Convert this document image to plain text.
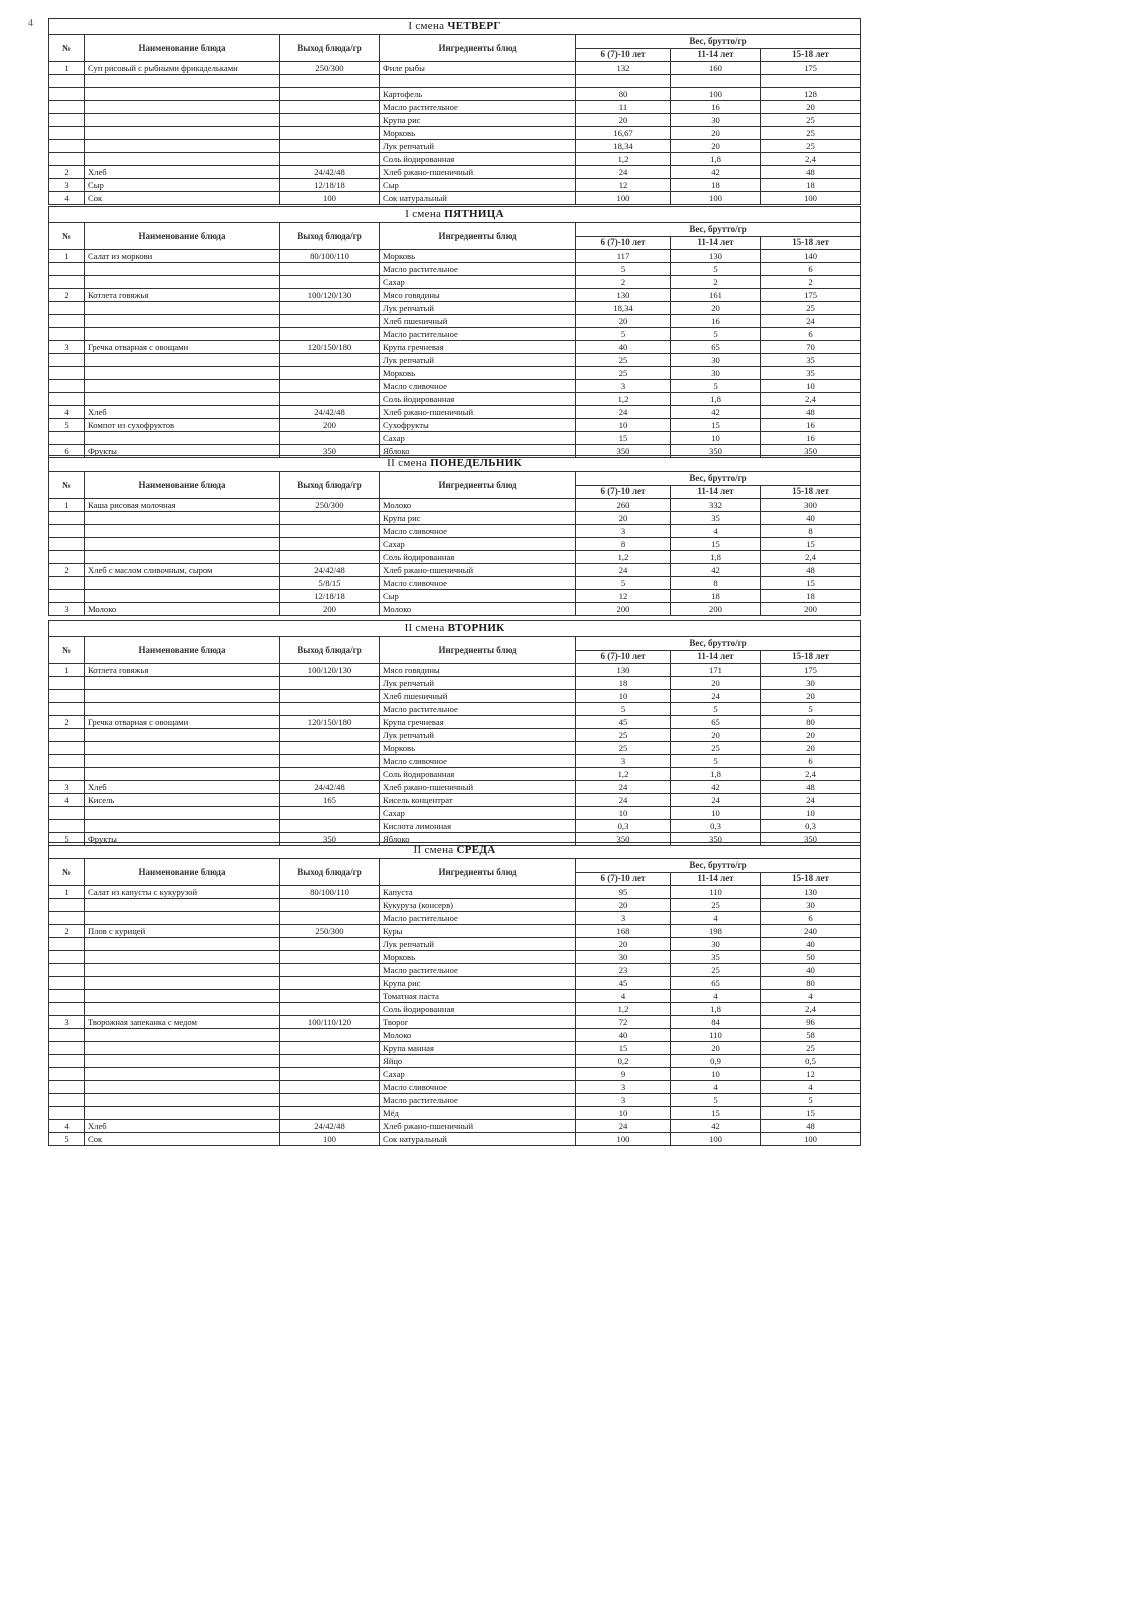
4	I смена ЧЕТВЕРГ						
№	Наименование блюда	Выход блюда/гр	Ингредиенты блюд	Вес, брутто/гр		
				6 (7)-10 лет	11-14 лет	15-18 лет
1	Суп рисовый с рыбными фрикадельками	250/300	Филе рыбы	132	160	175

			Картофель	80	100	128
			Масло растительное	11	16	20
			Крупа рис	20	30	25
			Морковь	16,67	20	25
			Лук репчатый	18,34	20	25
			Соль йодированная	1,2	1,8	2,4
2	Хлеб	24/42/48	Хлеб ржано-пшеничный	24	42	48
3	Сыр	12/18/18	Сыр	12	18	18
4	Сок	100	Сок натуральный	100	100	100
I смена ПЯТНИЦА						
№	Наименование блюда	Выход блюда/гр	Ингредиенты блюд	Вес, брутто/гр		
				6 (7)-10 лет	11-14 лет	15-18 лет
1	Салат из моркови	80/100/110	Морковь	117	130	140
			Масло растительное	5	5	6
			Сахар	2	2	2
2	Котлета говяжья	100/120/130	Мясо говядины	130	161	175
			Лук репчатый	18,34	20	25
			Хлеб пшеничный	20	16	24
			Масло растительное	5	5	6
3	Гречка отварная с овощами	120/150/180	Крупа гречневая	40	65	70
			Лук репчатый	25	30	35
			Морковь	25	30	35
			Масло сливочное	3	5	10
			Соль йодированная	1,2	1,8	2,4
4	Хлеб	24/42/48	Хлеб ржано-пшеничный	24	42	48
5	Компот из сухофруктов	200	Сухофрукты	10	15	16
			Сахар	15	10	16
6	Фрукты	350	Яблоко	350	350	350
II смена ПОНЕДЕЛЬНИК						
№	Наименование блюда	Выход блюда/гр	Ингредиенты блюд	Вес, брутто/гр		
				6 (7)-10 лет	11-14 лет	15-18 лет
1	Каша рисовая молочная	250/300	Молоко	260	332	300
			Крупа рис	20	35	40
			Масло сливочное	3	4	8
			Сахар	8	15	15
			Соль йодированная	1,2	1,8	2,4
2	Хлеб с маслом сливочным, сыром	24/42/48	Хлеб ржано-пшеничный	24	42	48
		5/8/15	Масло сливочное	5	8	15
		12/18/18	Сыр	12	18	18
3	Молоко	200	Молоко	200	200	200
II смена ВТОРНИК						
№	Наименование блюда	Выход блюда/гр	Ингредиенты блюд	Вес, брутто/гр		
				6 (7)-10 лет	11-14 лет	15-18 лет
1	Котлета говяжья	100/120/130	Мясо говядины	130	171	175
			Лук репчатый	18	20	30
			Хлеб пшеничный	10	24	20
			Масло растительное	5	5	5
2	Гречка отварная с овощами	120/150/180	Крупа гречневая	45	65	80
			Лук репчатый	25	20	20
			Морковь	25	25	20
			Масло сливочное	3	5	6
			Соль йодированная	1,2	1,8	2,4
3	Хлеб	24/42/48	Хлеб ржано-пшеничный	24	42	48
4	Кисель	165	Кисель концентрат	24	24	24
			Сахар	10	10	10
			Кислота лимонная	0,3	0,3	0,3
5	Фрукты	350	Яблоко	350	350	350
II смена СРЕДА						
№	Наименование блюда	Выход блюда/гр	Ингредиенты блюд	Вес, брутто/гр		
				6 (7)-10 лет	11-14 лет	15-18 лет
1	Салат из капусты с кукурузой	80/100/110	Капуста	95	110	130
			Кукуруза (консерв)	20	25	30
			Масло растительное	3	4	6
2	Плов с курицей	250/300	Куры	168	198	240
			Лук репчатый	20	30	40
			Морковь	30	35	50
			Масло растительное	23	25	40
			Крупа рис	45	65	80
			Томатная паста	4	4	4
			Соль йодированная	1,2	1,8	2,4
3	Творожная запеканка с медом	100/110/120	Творог	72	84	96
			Молоко	40	110	58
			Крупа манная	15	20	25
			Яйцо	0,2	0,9	0,5
			Сахар	9	10	12
			Масло сливочное	3	4	4
			Масло растительное	3	5	5
			Мёд	10	15	15
4	Хлеб	24/42/48	Хлеб ржано-пшеничный	24	42	48
5	Сок	100	Сок натуральный	100	100	100
